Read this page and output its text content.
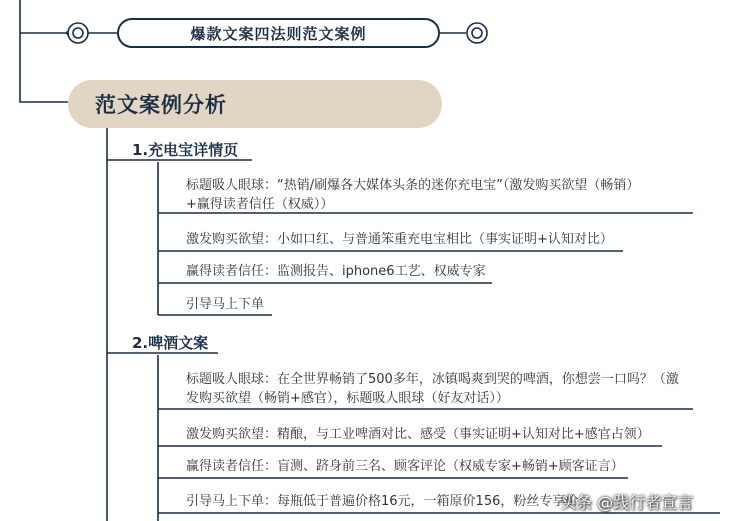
爆款文案四法则范文案例
范文案例分析
1.充电宝详情页
标题吸人眼球：“热销/刷爆各大媒体头条的迷你充电宝”（激发购买欲望（畅销）
+赢得读者信任（权威））
激发购买欲望：小如口红、与普通笨重充电宝相比（事实证明+认知对比）
赢得读者信任：监测报告、iphone6工艺、权威专家
引导马上下单
2.啤酒文案
标题吸人眼球：在全世界畅销了500多年，冰镇喝爽到哭的啤酒，你想尝一口吗？（激
发购买欲望（畅销+感官），标题吸人眼球（好友对话））
激发购买欲望：精酿，与工业啤酒对比、感受（事实证明+认知对比+感官占领）
赢得读者信任：盲测、跻身前三名、顾客评论（权威专家+畅销+顾客证言）
引导马上下单：每瓶低于普遍价格16元，一箱原价156，粉丝专享价
头条 @践行者宣言
